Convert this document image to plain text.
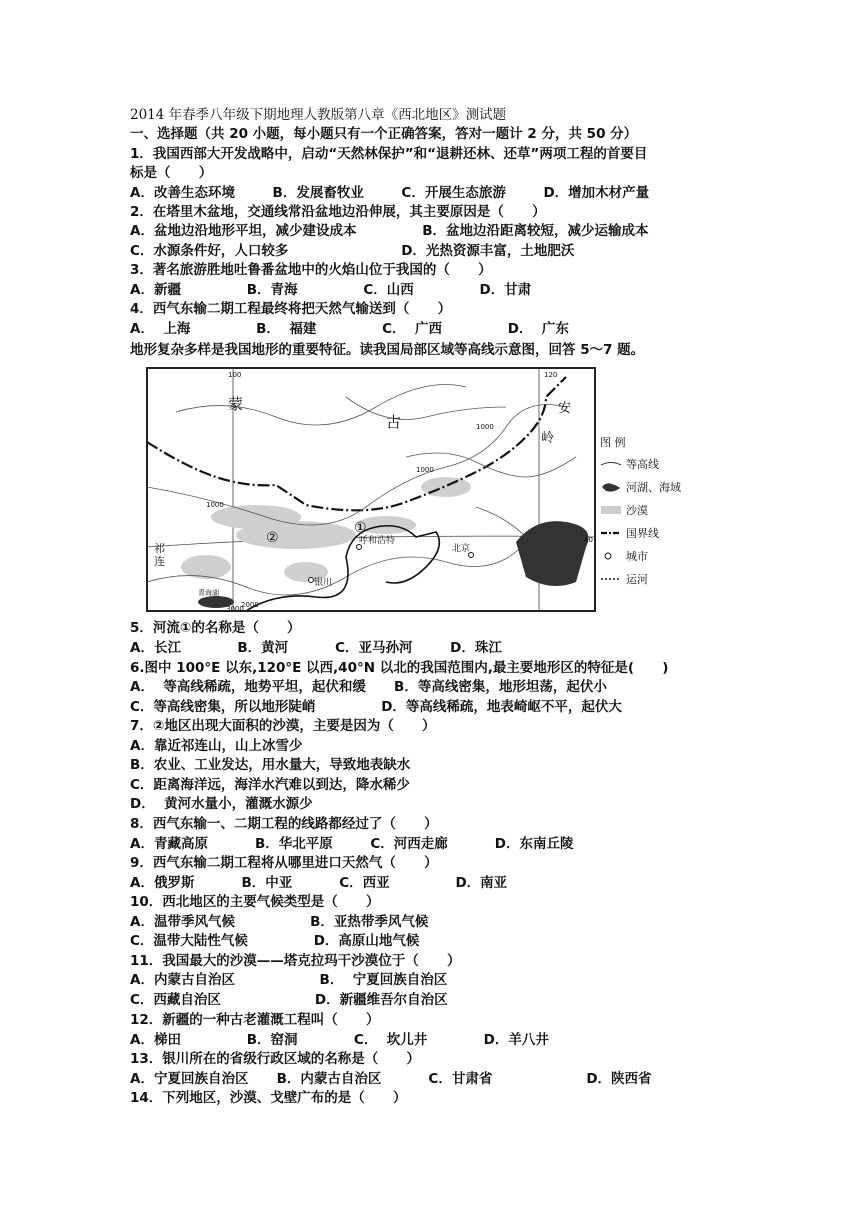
2014 年春季八年级下期地理人教版第八章《西北地区》测试题
一、选择题（共 20 小题，每小题只有一个正确答案，答对一题计 2 分，共 50 分）
1．我国西部大开发战略中，启动“天然林保护”和“退耕还林、还草”两项工程的首要目
标是（      ）
A．改善生态环境        B．发展畜牧业        C．开展生态旅游        D．增加木材产量
2．在塔里木盆地，交通线常沿盆地边沿伸展，其主要原因是（      ）
A．盆地边沿地形平坦，减少建设成本              B．盆地边沿距离较短，减少运输成本
C．水源条件好，人口较多                        D．光热资源丰富，土地肥沃
3．著名旅游胜地吐鲁番盆地中的火焰山位于我国的（      ）
A．新疆              B．青海              C．山西              D．甘肃
4．西气东输二期工程最终将把天然气输送到（      ）
A．  上海              B．  福建              C．  广西              D．  广东
地形复杂多样是我国地形的重要特征。读我国局部区域等高线示意图，回答 5～7 题。
蒙
古
安
岭
祁
连
①
②	呼和浩特
北京
银川
青海湖
100	120
40
1000
1000
1000
2000
3000
图 例
等高线
河湖、海域
沙漠
国界线
城市
运河
5．河流①的名称是（      ）
A．长江            B．黄河          C．亚马孙河        D．珠江
6.图中 100°E 以东,120°E 以西,40°N 以北的我国范围内,最主要地形区的特征是(      )
A．  等高线稀疏，地势平坦，起伏和缓      B．等高线密集，地形坦荡，起伏小
C．等高线密集，所以地形陡峭              D．等高线稀疏，地表崎岖不平，起伏大
7．②地区出现大面积的沙漠，主要是因为（      ）
A．靠近祁连山，山上冰雪少
B．农业、工业发达，用水量大，导致地表缺水
C．距离海洋远，海洋水汽难以到达，降水稀少
D．  黄河水量小，灌溉水源少
8．西气东输一、二期工程的线路都经过了（      ）
A．青藏高原          B．华北平原        C．河西走廊          D．东南丘陵
9．西气东输二期工程将从哪里进口天然气（      ）
A．俄罗斯          B．中亚          C．西亚              D．南亚
10．西北地区的主要气候类型是（      ）
A．温带季风气候                B．亚热带季风气候
C．温带大陆性气候              D．高原山地气候
11．我国最大的沙漠——塔克拉玛干沙漠位于（      ）
A．内蒙古自治区                  B．  宁夏回族自治区
C．西藏自治区                    D．新疆维吾尔自治区
12．新疆的一种古老灌溉工程叫（      ）
A．梯田              B．窑洞            C．  坎儿井            D．羊八井
13．银川所在的省级行政区域的名称是（      ）
A．宁夏回族自治区      B．内蒙古自治区          C．甘肃省                    D．陕西省
14．下列地区，沙漠、戈壁广布的是（      ）
